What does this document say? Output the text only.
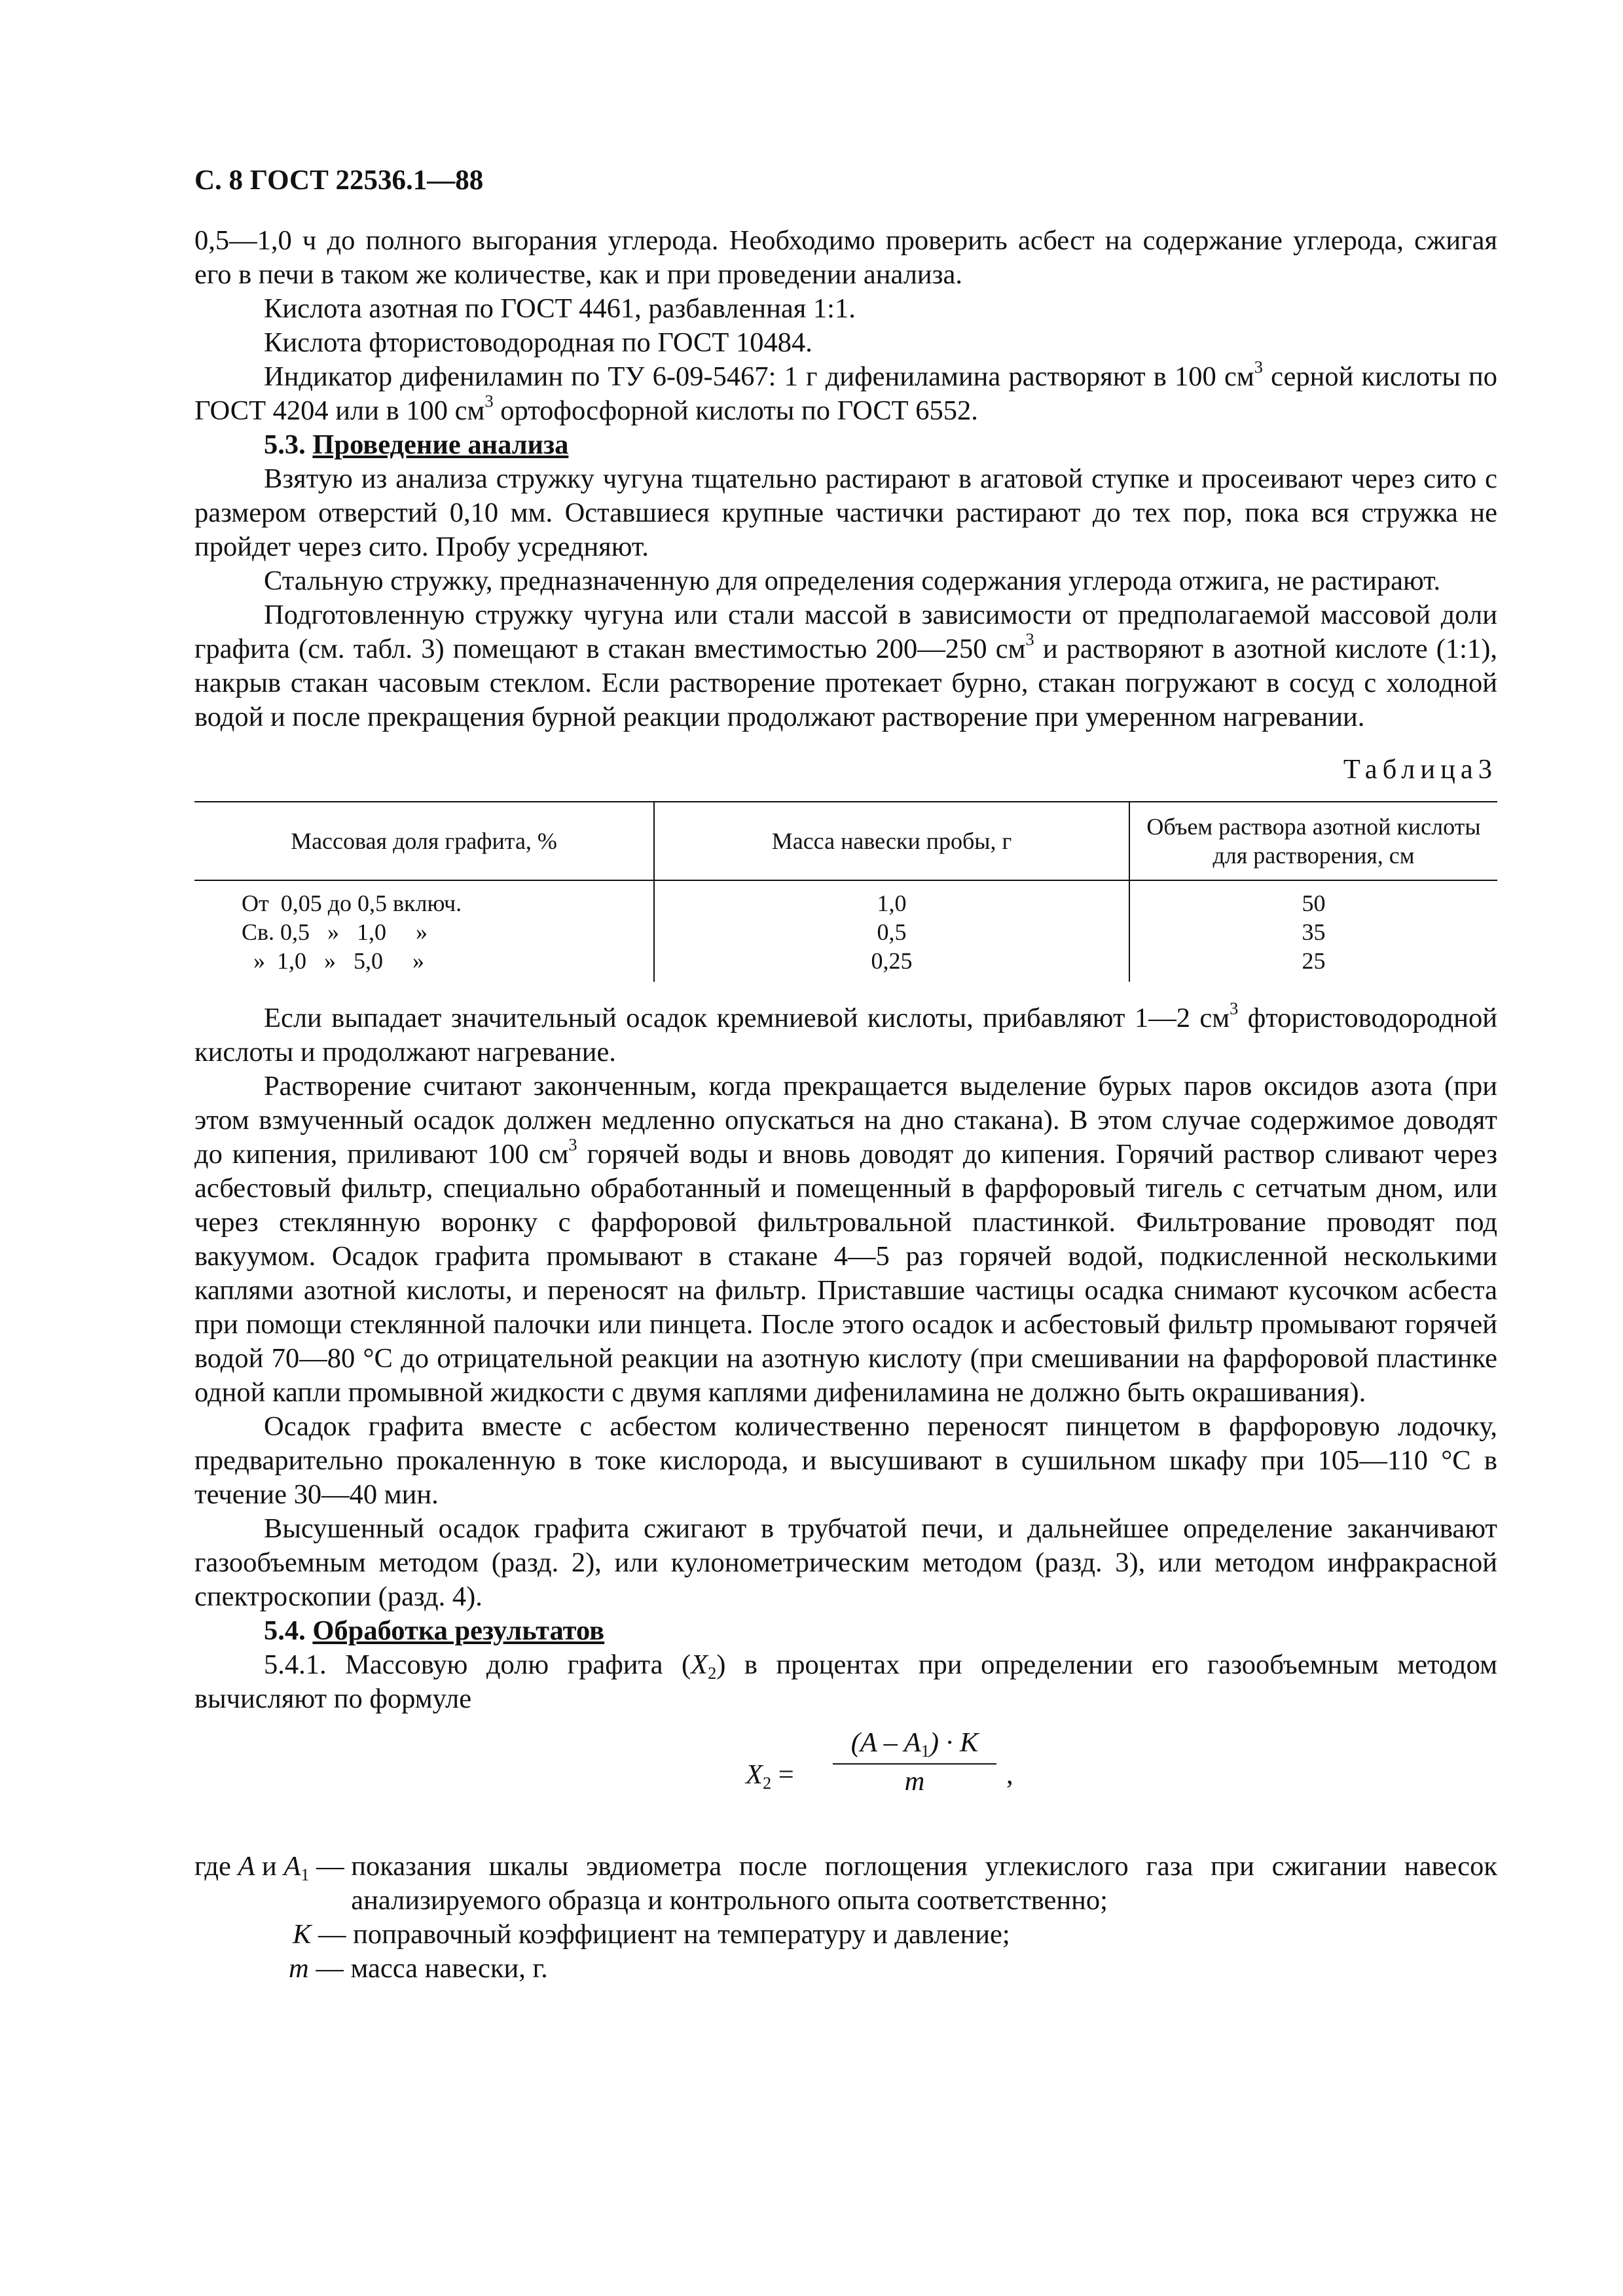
С. 8 ГОСТ 22536.1—88

0,5—1,0 ч до полного выгорания углерода. Необходимо проверить асбест на содержание углерода, сжигая его в печи в таком же количестве, как и при проведении анализа.

Кислота азотная по ГОСТ 4461, разбавленная 1:1.

Кислота фтористоводородная по ГОСТ 10484.

Индикатор дифениламин по ТУ 6-09-5467: 1 г дифениламина растворяют в 100 $см^3$ серной кислоты по ГОСТ 4204 или в 100 $см^3$ ортофосфорной кислоты по ГОСТ 6552.

5.3. Проведение анализа

Взятую из анализа стружку чугуна тщательно растирают в агатовой ступке и просеивают через сито с размером отверстий 0,10 мм. Оставшиеся крупные частички растирают до тех пор, пока вся стружка не пройдет через сито. Пробу усредняют.

Стальную стружку, предназначенную для определения содержания углерода отжига, не растирают.

Подготовленную стружку чугуна или стали массой в зависимости от предполагаемой массовой доли графита (см. табл. 3) помещают в стакан вместимостью 200—250 $см^3$ и растворяют в азотной кислоте (1:1), накрыв стакан часовым стеклом. Если растворение протекает бурно, стакан погружают в сосуд с холодной водой и после прекращения бурной реакции продолжают растворение при умеренном нагревании.

Таблица3
Массовая доля графита, %	Масса навески пробы, г	Объем раствора азотной кислоты для растворения, см
От  0,05 до 0,5 включ.	1,0	50
Св. 0,5   »   1,0     »	0,5	35
»  1,0   »   5,0     »	0,25	25

Если выпадает значительный осадок кремниевой кислоты, прибавляют 1—2 $см^3$ фтористоводородной кислоты и продолжают нагревание.

Растворение считают законченным, когда прекращается выделение бурых паров оксидов азота (при этом взмученный осадок должен медленно опускаться на дно стакана). В этом случае содержимое доводят до кипения, приливают 100 $см^3$ горячей воды и вновь доводят до кипения. Горячий раствор сливают через асбестовый фильтр, специально обработанный и помещенный в фарфоровый тигель с сетчатым дном, или через стеклянную воронку с фарфоровой фильтровальной пластинкой. Фильтрование проводят под вакуумом. Осадок графита промывают в стакане 4—5 раз горячей водой, подкисленной несколькими каплями азотной кислоты, и переносят на фильтр. Приставшие частицы осадка снимают кусочком асбеста при помощи стеклянной палочки или пинцета. После этого осадок и асбестовый фильтр промывают горячей водой 70—80 °С до отрицательной реакции на азотную кислоту (при смешивании на фарфоровой пластинке одной капли промывной жидкости с двумя каплями дифениламина не должно быть окрашивания).

Осадок графита вместе с асбестом количественно переносят пинцетом в фарфоровую лодочку, предварительно прокаленную в токе кислорода, и высушивают в сушильном шкафу при 105—110 °С в течение 30—40 мин.

Высушенный осадок графита сжигают в трубчатой печи, и дальнейшее определение заканчивают газообъемным методом (разд. 2), или кулонометрическим методом (разд. 3), или методом инфракрасной спектроскопии (разд. 4).

5.4. Обработка результатов

5.4.1. Массовую долю графита $(X_2)$ в процентах при определении его газообъемным методом вычисляют по формуле

$X_2 = \frac{(A - A_1) \cdot K}{m}$ ,
где A и $A_1$ — показания шкалы эвдиометра после поглощения углекислого газа при сжигании навесок анализируемого образца и контрольного опыта соответственно;
K — поправочный коэффициент на температуру и давление;
m — масса навески, г.
